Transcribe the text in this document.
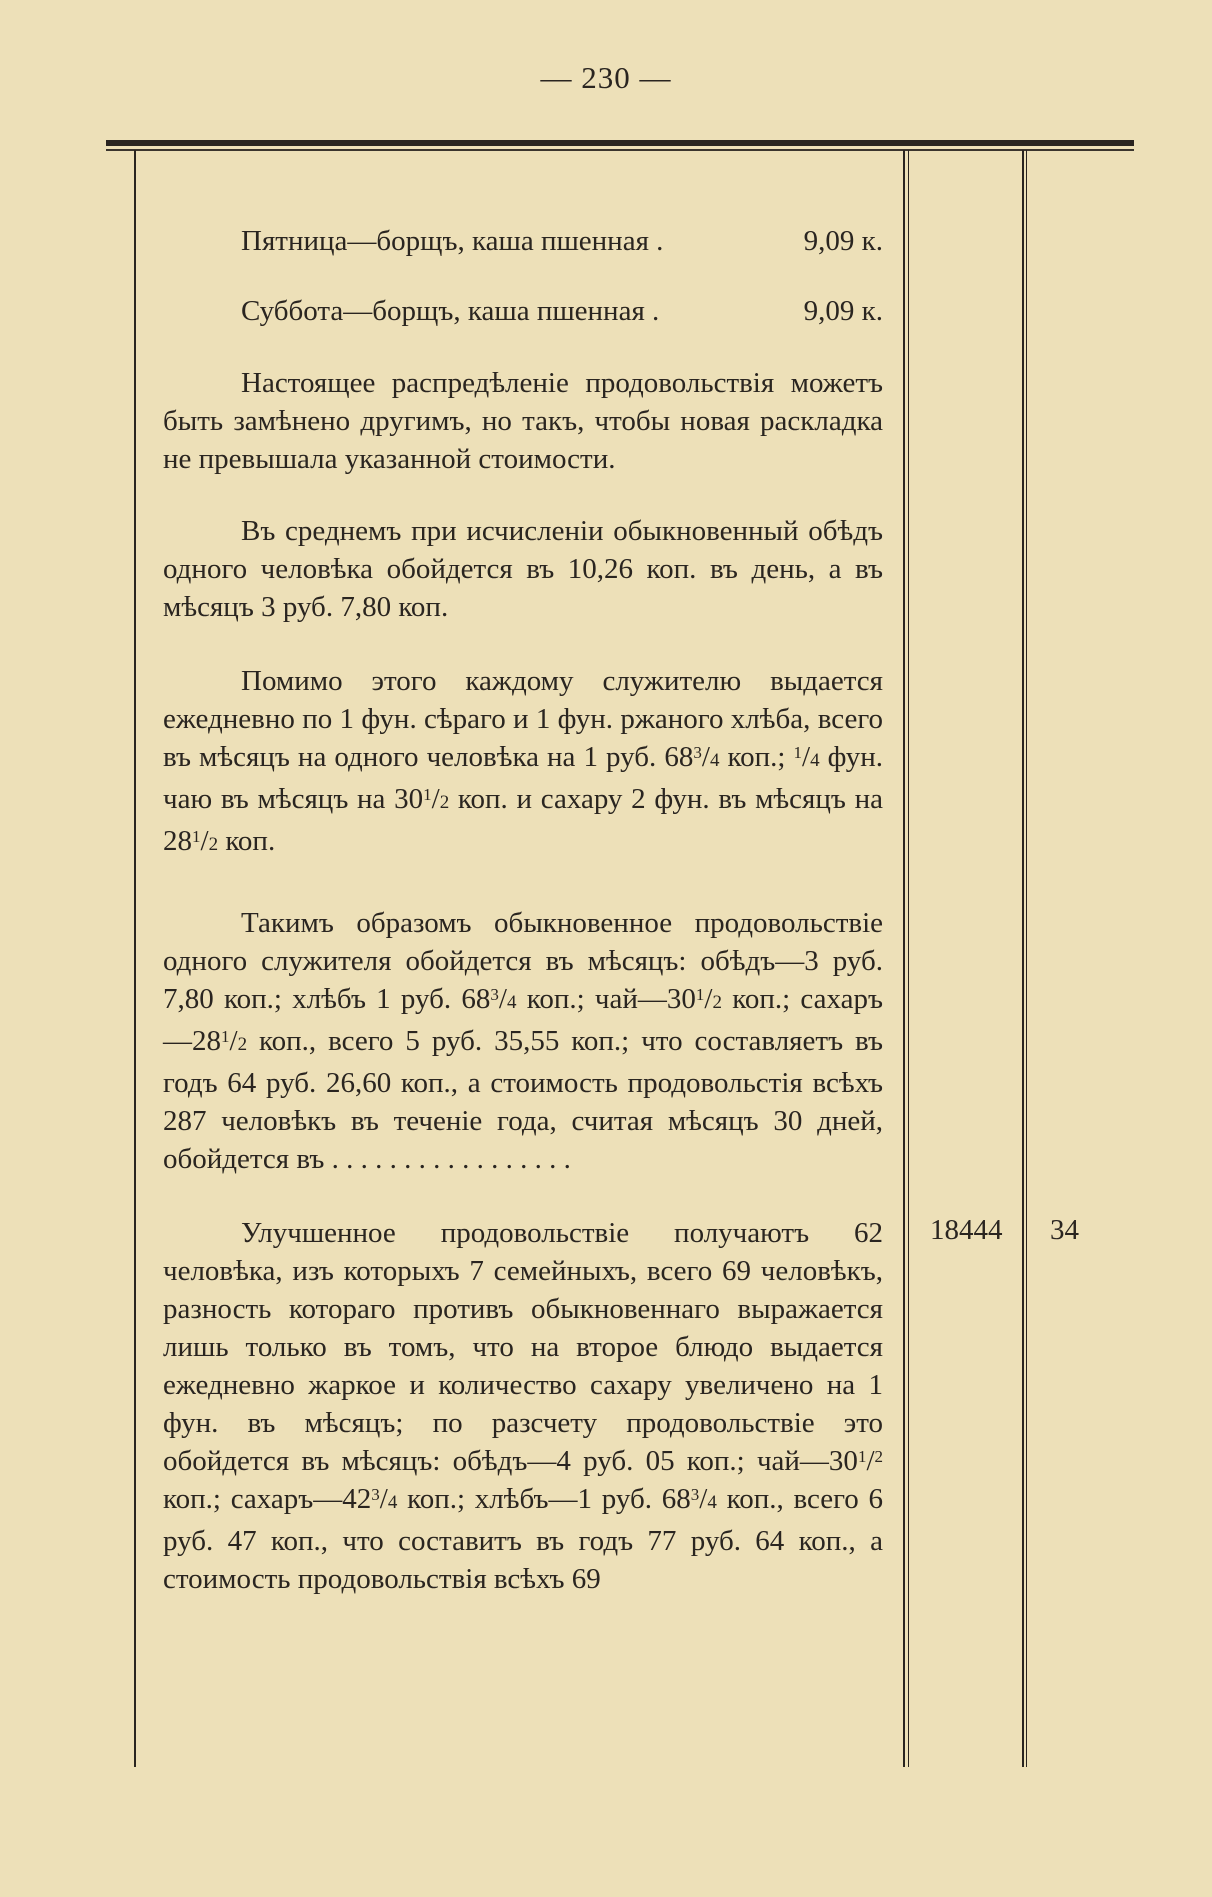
— 230 —
Пятница—борщъ, каша пшенная .	9,09 к.
Суббота—борщъ, каша пшенная .	9,09 к.

Настоящее распредѣленіе продовольствія можетъ быть замѣнено другимъ, но такъ, чтобы новая раскладка не превышала указанной стоимости.

Въ среднемъ при исчисленіи обыкновенный обѣдъ одного человѣка обойдется въ 10,26 коп. въ день, а въ мѣсяцъ 3 руб. 7,80 коп.

Помимо этого каждому служителю выдается ежедневно по 1 фун. сѣраго и 1 фун. ржаного хлѣба, всего въ мѣсяцъ на одного человѣка на 1 руб. $68^3/4$ коп.; $^1$/4 фун. чаю въ мѣсяцъ на $30^1/2$ коп. и сахару 2 фун. въ мѣсяцъ на $28^1/2$ коп.

Такимъ образомъ обыкновенное продовольствіе одного служителя обойдется въ мѣсяцъ: обѣдъ—3 руб. 7,80 коп.; хлѣбъ 1 руб. $68^3/4$ коп.; $чай—30^1/2$ коп.; $сахаръ—28^1/2$ коп., всего 5 руб. 35,55 коп.; что составляетъ въ годъ 64 руб. 26,60 коп., а стоимость продовольстія всѣхъ 287 человѣкъ въ теченіе года, считая мѣсяцъ 30 дней, обойдется въ . . . . . . . . . . . . . . . . .

Улучшенное продовольствіе получаютъ 62 человѣка, изъ которыхъ 7 семейныхъ, всего 69 человѣкъ, разность котораго противъ обыкновеннаго выражается лишь только въ томъ, что на второе блюдо выдается ежедневно жаркое и количество сахару увеличено на 1 фун. въ мѣсяцъ; по разсчету продовольствіе это обойдется въ мѣсяцъ: обѣдъ—4 руб. 05 коп.; $чай—30^1/^2$ коп.; $сахаръ—42^3/4$ коп.; хлѣбъ—1 руб. $68^3/4$ коп., всего 6 руб. 47 коп., что составитъ въ годъ 77 руб. 64 коп., а стоимость продовольствія всѣхъ 69

18444 34
